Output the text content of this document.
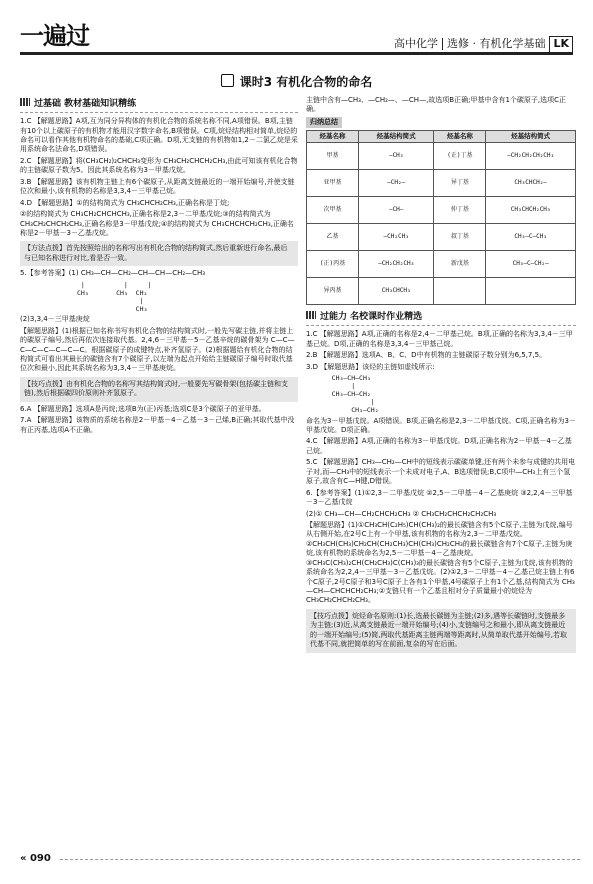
一遍过	高中化学 选修 · 有机化学基础 LK
课时3 有机化合物的命名
过基础 教材基础知识精练

1.C 【解题思路】A项,互为同分异构体的有机化合物的系统名称不同,A项错误。B项,主链有10个以上碳原子的有机物才能用汉字数字命名,B项错误。C项,烷烃结构相对简单,烷烃的命名可以看作其他有机物命名的基础,C项正确。D项,无支链的有机物如1,2－二氯乙烷是采用系统命名法命名,D项错误。

2.C 【解题思路】将(CH₃CH₂)₂CHCH₃变形为 CH₃CH₂CHCH₂CH₃,由此可知该有机化合物的主链碳原子数为5。因此其系统名称为3－甲基戊烷。

3.B 【解题思路】该有机物主链上有6个碳原子,从距离支链最近的一端开始编号,并使支链位次和最小,该有机物的名称是3,3,4－三甲基己烷。

4.D 【解题思路】①的结构简式为 CH₃CHCH₂CH₃,正确名称是丁烷;

②的结构简式为 CH₃CH₂CHCHCH₃,正确名称是2,3－二甲基戊烷;③的结构简式为 CH₃CH₂CHCH₂CH₃,正确名称是3－甲基戊烷;④的结构简式为 CH₃CHCHCH₂CH₃,正确名称是2－甲基－3－乙基戊烷。

【方法点拨】首先按照给出的名称写出有机化合物的结构简式,然后重新进行命名,最后与已知名称进行对比,看是否一致。

5.【参考答案】(1) CH₃—CH—CH₂—CH—CH—CH₂—CH₃

|          |     |
CH₃       CH₃  CH₂
|
CH₃

(2)3,3,4－三甲基庚烷

【解题思路】(1)根据已知名称书写有机化合物的结构简式时,一般先写碳主链,并将主链上的碳原子编号,然后再依次连接取代基。2,4,6－三甲基－5－乙基辛烷的碳骨架为 C—C—C—C—C—C—C—C。根据碳原子的成键特点,补齐氢原子。(2)根据题给有机化合物的结构简式可看出其最长的碳链含有7个碳原子,以左端为起点开始给主链碳原子编号时取代基位次和最小,因此其系统名称为3,3,4－三甲基庚烷。

【技巧点拨】由有机化合物的名称写其结构简式时,一般要先写碳骨架(包括碳主链和支链),然后根据碳四价原则补齐氢原子。

6.A 【解题思路】选项A是丙烷;选项B为(正)丙基;选项C是3个碳原子的亚甲基。

7.A 【解题思路】该物质的系统名称是2－甲基－4－乙基－3－己烯,B正确;其取代基中没有正丙基,选项A不正确。

主链中含有—CH₃、—CH₂—、—CH—,故选项B正确;甲基中含有1个碳原子,选项C正确。

归纳总结
烃基名称	烃基结构简式	烃基名称	烃基结构简式
甲基	—CH₃	(正)丁基	—CH₂CH₂CH₂CH₃
亚甲基	—CH₂—	异丁基	CH₃CHCH₂—
次甲基	—CH—	仲丁基	CH₃CHCH₂CH₃
乙基	—CH₂CH₃	叔丁基	CH₃—C—CH₃
(正)丙基	—CH₂CH₂CH₃	新戊基	CH₃—C—CH₂—
异丙基	CH₃CHCH₃		
过能力 名校课时作业精选

1.C 【解题思路】A项,正确的名称是2,4－二甲基己烷。B项,正确的名称为3,3,4－三甲基己烷。D项,正确的名称是3,3,4－三甲基己烷。

2.B 【解题思路】选项A、B、C、D中有机物的主链碳原子数分别为6,5,7,5。

3.D 【解题思路】该烃的主链如虚线所示:

CH₃—CH—CH₃
|
CH₃—CH—CH₂
|
CH₃—CH₂

命名为3－甲基戊烷。A项错误。B项,正确名称是2,3－二甲基戊烷。C项,正确名称为3－甲基戊烷。D项正确。

4.C 【解题思路】A项,正确的名称为3－甲基戊烷。D项,正确名称为2－甲基－4－乙基己烷。

5.C 【解题思路】CH₃—CH₂—CH中的短线表示碳碳单键,还有两个未参与成键的共用电子对,而—CH₃中的短线表示一个未成对电子,A、B选项错误;B,C项中—CH₃上有三个氢原子,故含有C—H键,D错误。

6.【参考答案】(1)①2,3－二甲基戊烷 ②2,5－二甲基－4－乙基庚烷 ③2,2,4－三甲基－3－乙基戊烷

(2)① CH₃—CH—CH₂CHCH₂CH₃ ② CH₃CH₂CHCH₂CH₂CH₃

【解题思路】(1)①CH₃CH(C₂H₅)CH(CH₃)₂的最长碳链含有5个C原子,主链为戊烷,编号从右侧开始,在2号C上有一个甲基,该有机物的名称为2,3－二甲基戊烷。②CH₃CH(CH₃)CH₂CH(CH₂CH₃)CH(CH₃)CH₂CH₃的最长碳链含有7个C原子,主链为庚烷,该有机物的系统命名为2,5－二甲基－4－乙基庚烷。③CH₃C(CH₃)₂CH(CH₂CH₃)C(CH₃)₃的最长碳链含有5个C原子,主链为戊烷,该有机物的系统命名为2,2,4－三甲基－3－乙基戊烷。(2)①2,3－二甲基－4－乙基己烷主链上有6个C原子,2号C原子和3号C原子上各有1个甲基,4号碳原子上有1个乙基,结构简式为 CH₃—CH—CHCHCH₂CH₃;②支链只有一个乙基且相对分子质量最小的烷烃为 CH₃CH₂CHCH₂CH₃。

【技巧点拨】烷烃命名原则:(1)长,选最长碳链为主链;(2)多,遇等长碳链时,支链最多为主链;(3)近,从离支链最近一端开始编号;(4)小,支链编号之和最小,即从离支链最近的一端开始编号;(5)简,两取代基距离主链两端等距离时,从简单取代基开始编号,若取代基不同,就把简单的写在前面,复杂的写在后面。
« 090
